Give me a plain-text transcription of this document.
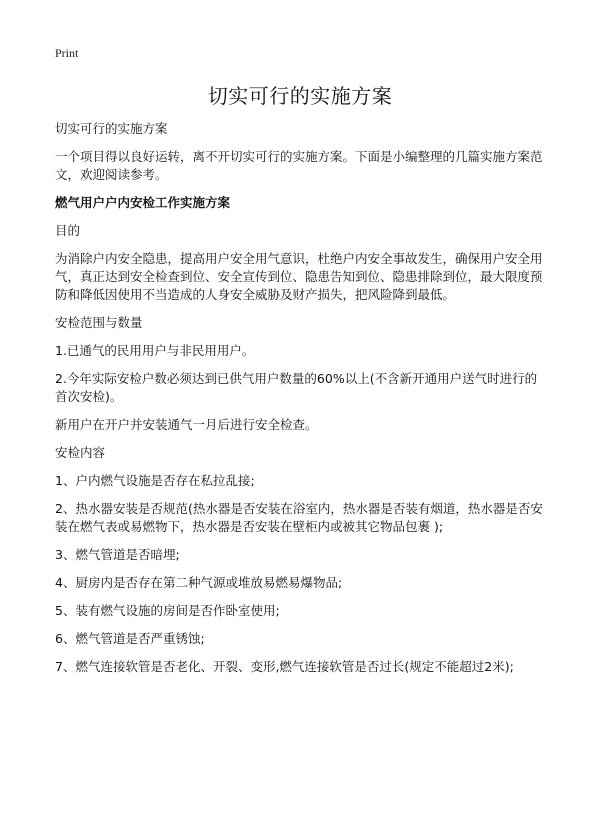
Print
切实可行的实施方案

切实可行的实施方案

一个项目得以良好运转，离不开切实可行的实施方案。下面是小编整理的几篇实施方案范文，欢迎阅读参考。

燃气用户户内安检工作实施方案

目的

为消除户内安全隐患，提高用户安全用气意识，杜绝户内安全事故发生，确保用户安全用气，真正达到安全检查到位、安全宣传到位、隐患告知到位、隐患排除到位，最大限度预防和降低因使用不当造成的人身安全威胁及财产损失，把风险降到最低。

安检范围与数量

1.已通气的民用用户与非民用用户。

2.今年实际安检户数必须达到已供气用户数量的60%以上(不含新开通用户送气时进行的首次安检)。

新用户在开户并安装通气一月后进行安全检查。

安检内容

1、户内燃气设施是否存在私拉乱接;

2、热水器安装是否规范(热水器是否安装在浴室内，热水器是否装有烟道，热水器是否安装在燃气表或易燃物下，热水器是否安装在壁柜内或被其它物品包裹 );

3、燃气管道是否暗埋;

4、厨房内是否存在第二种气源或堆放易燃易爆物品;

5、装有燃气设施的房间是否作卧室使用;

6、燃气管道是否严重锈蚀;

7、燃气连接软管是否老化、开裂、变形,燃气连接软管是否过长(规定不能超过2米);
